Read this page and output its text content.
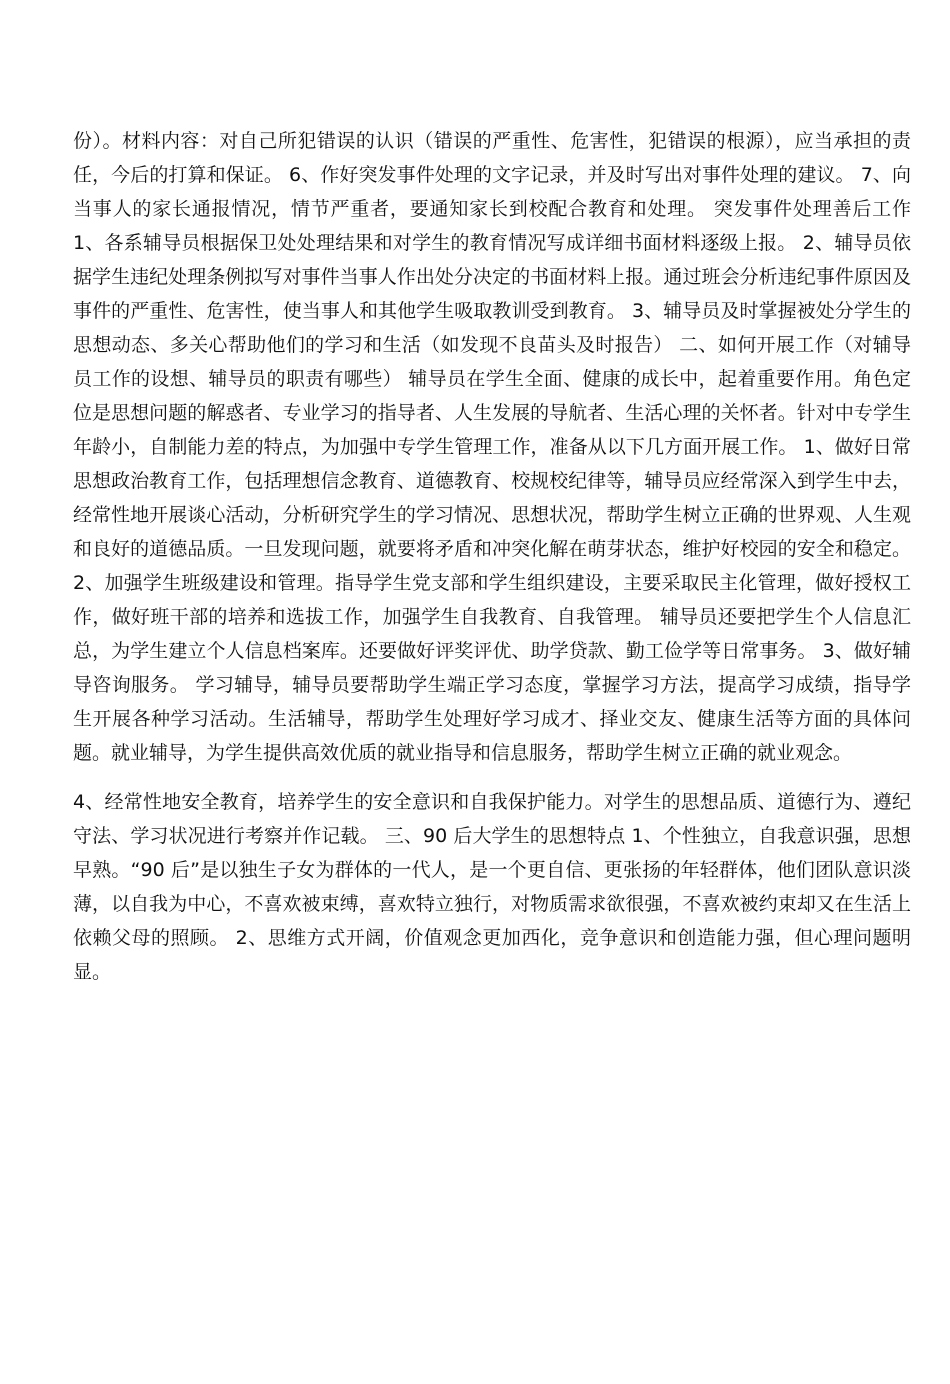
份）。材料内容：对自己所犯错误的认识（错误的严重性、危害性，犯错误的根源），应当承担的责任，今后的打算和保证。 6、作好突发事件处理的文字记录，并及时写出对事件处理的建议。 7、向当事人的家长通报情况，情节严重者，要通知家长到校配合教育和处理。 突发事件处理善后工作 1、各系辅导员根据保卫处处理结果和对学生的教育情况写成详细书面材料逐级上报。 2、辅导员依据学生违纪处理条例拟写对事件当事人作出处分决定的书面材料上报。通过班会分析违纪事件原因及事件的严重性、危害性，使当事人和其他学生吸取教训受到教育。 3、辅导员及时掌握被处分学生的思想动态、多关心帮助他们的学习和生活（如发现不良苗头及时报告） 二、如何开展工作（对辅导员工作的设想、辅导员的职责有哪些） 辅导员在学生全面、健康的成长中，起着重要作用。角色定位是思想问题的解惑者、专业学习的指导者、人生发展的导航者、生活心理的关怀者。针对中专学生年龄小，自制能力差的特点，为加强中专学生管理工作，准备从以下几方面开展工作。 1、做好日常思想政治教育工作，包括理想信念教育、道德教育、校规校纪律等，辅导员应经常深入到学生中去，经常性地开展谈心活动，分析研究学生的学习情况、思想状况，帮助学生树立正确的世界观、人生观和良好的道德品质。一旦发现问题，就要将矛盾和冲突化解在萌芽状态，维护好校园的安全和稳定。 2、加强学生班级建设和管理。指导学生党支部和学生组织建设，主要采取民主化管理，做好授权工作，做好班干部的培养和选拔工作，加强学生自我教育、自我管理。 辅导员还要把学生个人信息汇总，为学生建立个人信息档案库。还要做好评奖评优、助学贷款、勤工俭学等日常事务。 3、做好辅导咨询服务。 学习辅导，辅导员要帮助学生端正学习态度，掌握学习方法，提高学习成绩，指导学生开展各种学习活动。生活辅导，帮助学生处理好学习成才、择业交友、健康生活等方面的具体问题。就业辅导，为学生提供高效优质的就业指导和信息服务，帮助学生树立正确的就业观念。

4、经常性地安全教育，培养学生的安全意识和自我保护能力。对学生的思想品质、道德行为、遵纪守法、学习状况进行考察并作记载。 三、90 后大学生的思想特点 1、个性独立，自我意识强，思想早熟。“90 后”是以独生子女为群体的一代人，是一个更自信、更张扬的年轻群体，他们团队意识淡薄，以自我为中心，不喜欢被束缚，喜欢特立独行，对物质需求欲很强，不喜欢被约束却又在生活上依赖父母的照顾。 2、思维方式开阔，价值观念更加西化，竞争意识和创造能力强，但心理问题明显。
